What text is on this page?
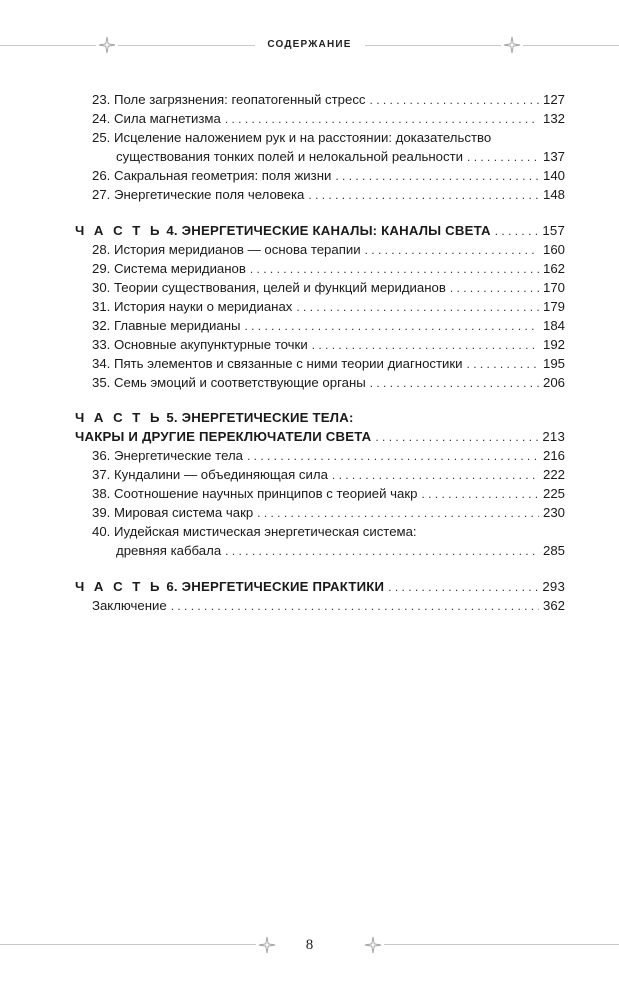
СОДЕРЖАНИЕ
23. Поле загрязнения: геопатогенный стресс . . .	127
24. Сила магнетизма . . .	132
25. Исцеление наложением рук и на расстоянии: доказательство
существования тонких полей и нелокальной реальности . . .	137
26. Сакральная геометрия: поля жизни . . .	140
27. Энергетические поля человека . . .	148
Ч А С Т Ь 4. ЭНЕРГЕТИЧЕСКИЕ КАНАЛЫ: КАНАЛЫ СВЕТА . . .	157
28. История меридианов — основа терапии . . .	160
29. Система меридианов . . .	162
30. Теории существования, целей и функций меридианов . . .	170
31. История науки о меридианах . . .	179
32. Главные меридианы . . .	184
33. Основные акупунктурные точки . . .	192
34. Пять элементов и связанные с ними теории диагностики . . .	195
35. Семь эмоций и соответствующие органы . . .	206
Ч А С Т Ь 5. ЭНЕРГЕТИЧЕСКИЕ ТЕЛА:
ЧАКРЫ И ДРУГИЕ ПЕРЕКЛЮЧАТЕЛИ СВЕТА . . .	213
36. Энергетические тела . . .	216
37. Кундалини — объединяющая сила . . .	222
38. Соотношение научных принципов с теорией чакр . . .	225
39. Мировая система чакр . . .	230
40. Иудейская мистическая энергетическая система:
древняя каббала . . .	285
Ч А С Т Ь 6. ЭНЕРГЕТИЧЕСКИЕ ПРАКТИКИ . . .	293
Заключение . . .	362
8
